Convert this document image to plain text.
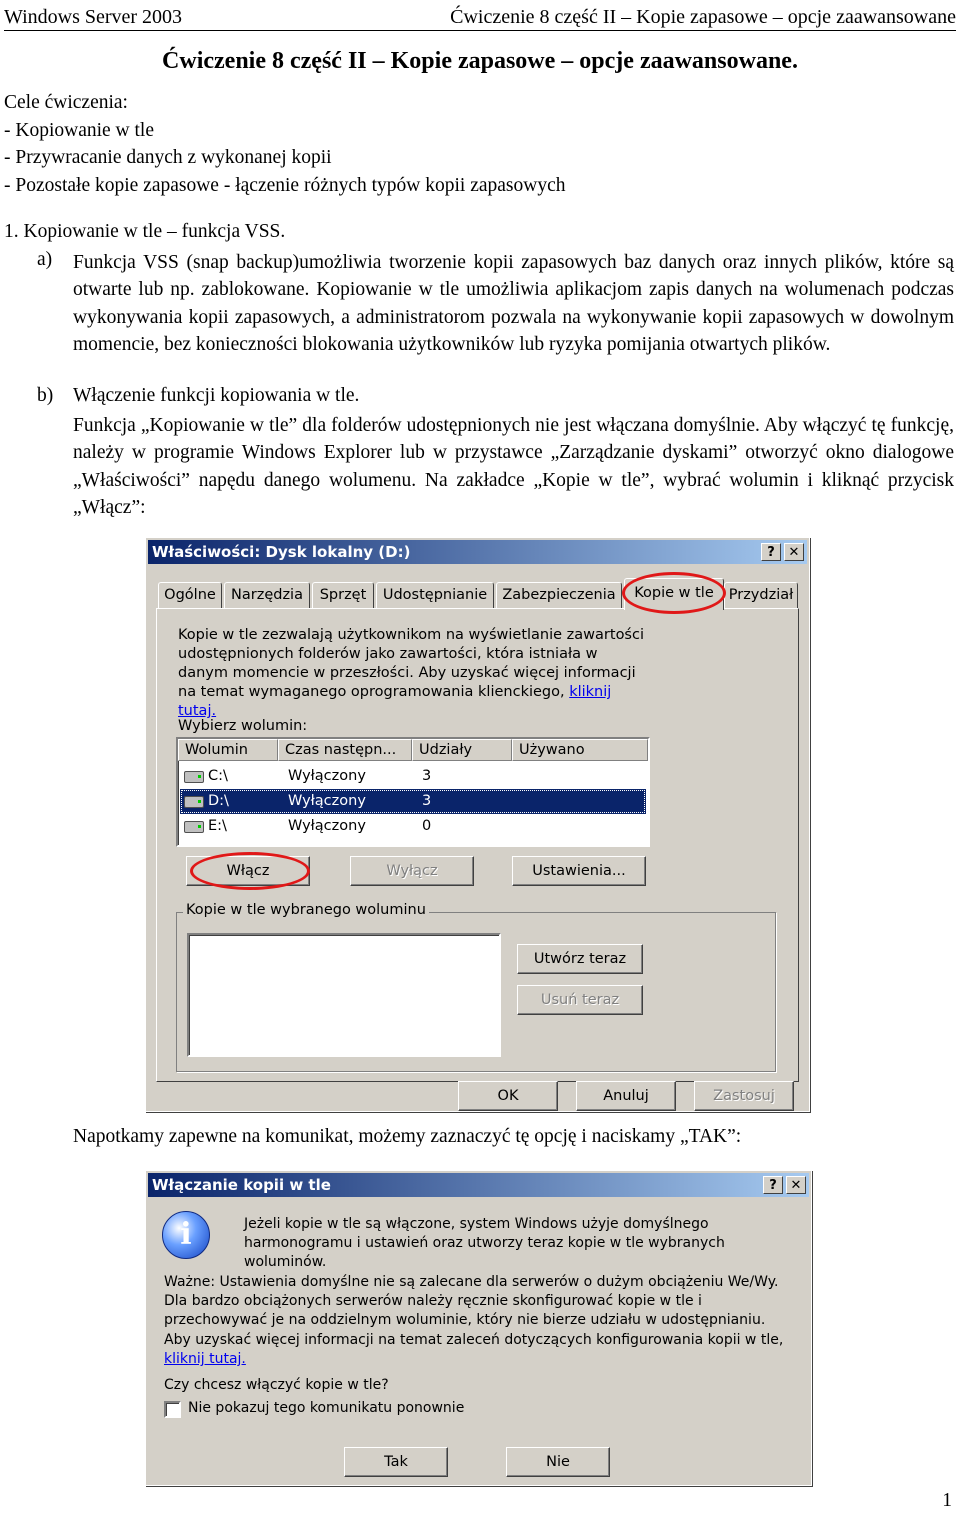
Windows Server 2003	Ćwiczenie 8 część II – Kopie zapasowe – opcje zaawansowane
Ćwiczenie 8 część II – Kopie zapasowe – opcje zaawansowane.
Cele ćwiczenia:
- Kopiowanie w tle
- Przywracanie danych z wykonanej kopii
- Pozostałe kopie zapasowe - łączenie różnych typów kopii zapasowych
1. Kopiowanie w tle – funkcja VSS.
a) Funkcja VSS (snap backup)umożliwia tworzenie kopii zapasowych baz danych oraz innych plików, które są otwarte lub np. zablokowane. Kopiowanie w tle umożliwia aplikacjom zapis danych na wolumenach podczas wykonywania kopii zapasowych, a administratorom pozwala na wykonywanie kopii zapasowych w dowolnym momencie, bez konieczności blokowania użytkowników lub ryzyka pomijania otwartych plików.
b) Włączenie funkcji kopiowania w tle.
Funkcja „Kopiowanie w tle” dla folderów udostępnionych nie jest włączana domyślnie. Aby włączyć tę funkcję, należy w programie Windows Explorer lub w przystawce „Zarządzanie dyskami” otworzyć okno dialogowe „Właściwości” napędu danego wolumenu. Na zakładce „Kopie w tle”, wybrać wolumin i kliknąć przycisk „Włącz”:
Właściwości: Dysk lokalny (D:)	?	✕
Ogólne	Narzędzia	Sprzęt	Udostępnianie	Zabezpieczenia	Kopie w tle	Przydział
Kopie w tle zezwalają użytkownikom na wyświetlanie zawartości udostępnionych folderów jako zawartości, która istniała w danym momencie w przeszłości. Aby uzyskać więcej informacji na temat wymaganego oprogramowania klienckiego, kliknij tutaj.
Wybierz wolumin:
Wolumin	Czas następn...	Udziały	Używano
C:\	Wyłączony	3
D:\	Wyłączony	3
E:\	Wyłączony	0
Włącz	Wyłącz	Ustawienia...
Kopie w tle wybranego woluminu
Utwórz teraz
Usuń teraz
OK	Anuluj	Zastosuj
Napotkamy zapewne na komunikat, możemy zaznaczyć tę opcję i naciskamy „TAK”:
Włączanie kopii w tle	?	✕
i	Jeżeli kopie w tle są włączone, system Windows użyje domyślnego harmonogramu i ustawień oraz utworzy teraz kopie w tle wybranych woluminów.
Ważne: Ustawienia domyślne nie są zalecane dla serwerów o dużym obciążeniu We/Wy. Dla bardzo obciążonych serwerów należy ręcznie skonfigurować kopie w tle i przechowywać je na oddzielnym woluminie, który nie bierze udziału w udostępnianiu.
Aby uzyskać więcej informacji na temat zaleceń dotyczących konfigurowania kopii w tle, kliknij tutaj.
Czy chcesz włączyć kopie w tle?
Nie pokazuj tego komunikatu ponownie
Tak	Nie
1
